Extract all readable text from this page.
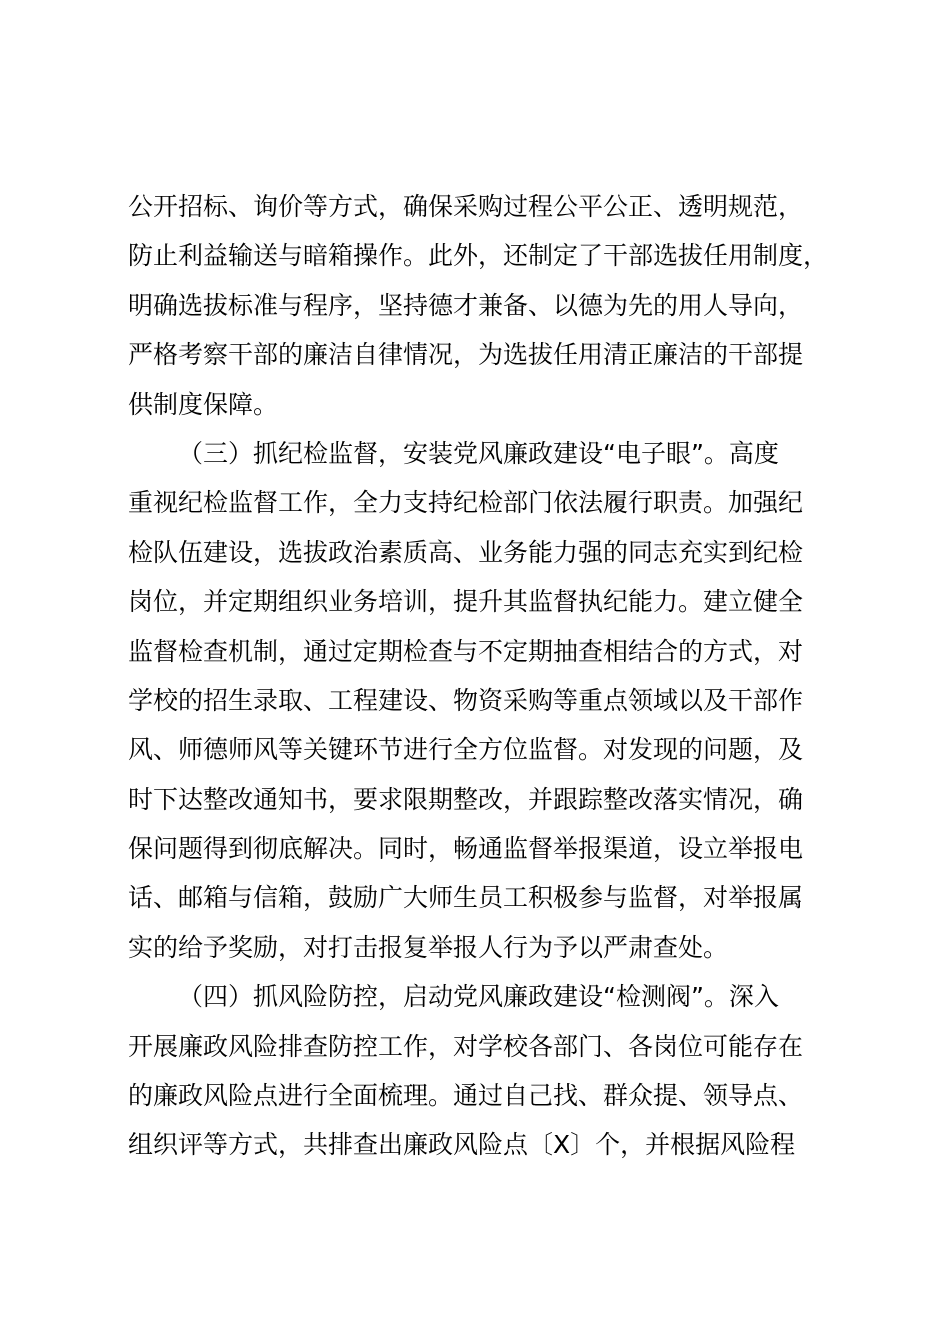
公开招标、询价等方式，确保采购过程公平公正、透明规范，
防止利益输送与暗箱操作。此外，还制定了干部选拔任用制度，
明确选拔标准与程序，坚持德才兼备、以德为先的用人导向，
严格考察干部的廉洁自律情况，为选拔任用清正廉洁的干部提
供制度保障。
（三）抓纪检监督，安装党风廉政建设“电子眼”。高度
重视纪检监督工作，全力支持纪检部门依法履行职责。加强纪
检队伍建设，选拔政治素质高、业务能力强的同志充实到纪检
岗位，并定期组织业务培训，提升其监督执纪能力。建立健全
监督检查机制，通过定期检查与不定期抽查相结合的方式，对
学校的招生录取、工程建设、物资采购等重点领域以及干部作
风、师德师风等关键环节进行全方位监督。对发现的问题，及
时下达整改通知书，要求限期整改，并跟踪整改落实情况，确
保问题得到彻底解决。同时，畅通监督举报渠道，设立举报电
话、邮箱与信箱，鼓励广大师生员工积极参与监督，对举报属
实的给予奖励，对打击报复举报人行为予以严肃查处。
（四）抓风险防控，启动党风廉政建设“检测阀”。深入
开展廉政风险排查防控工作，对学校各部门、各岗位可能存在
的廉政风险点进行全面梳理。通过自己找、群众提、领导点、
组织评等方式，共排查出廉政风险点〔X〕个，并根据风险程
